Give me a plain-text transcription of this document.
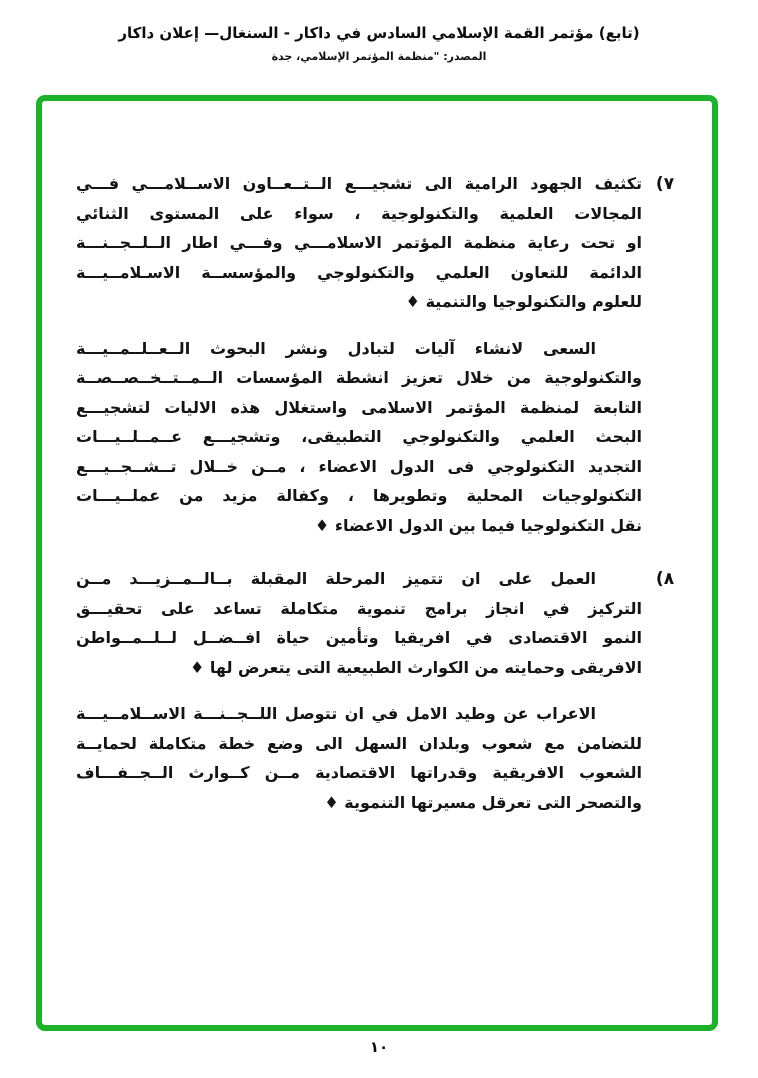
(تابع) مؤتمر القمة الإسلامي السادس في داكار - السنغال— إعلان داكار
المصدر: "منظمة المؤتمر الإسلامي، جدة
(٧
تكثيف الجهود الرامية الى تشجيـــع الــتــعــاون الاســلامـــي فـــي
المجالات العلمية والتكنولوجية ، سواء على المستوى الثنائي
او تحت رعاية منظمة المؤتمر الاسلامـــي وفـــي اطار الــلــجــنـــة
الدائمة للتعاون العلمي والتكنولوجي والمؤسســة الاسـلامــيـــة
للعلوم والتكنولوجيا والتنمية ♦
السعى لانشاء آليات لتبادل ونشر البحوث الــعــلــمــيـــة
والتكنولوجية من خلال تعزيز انشطة المؤسسات الــمــتــخــصــصــة
التابعة لمنظمة المؤتمر الاسلامى واستغلال هذه الاليات لتشجيـــع
البحث العلمي والتكنولوجي التطبيقى، وتشجيـــع عــمــلــيـــات
التجديد التكنولوجي فى الدول الاعضاء ، مــن خــلال تــشــجــيـــع
التكنولوجيات المحلية وتطويرها ، وكفالة مزيد من عملــيـــات
نقل التكنولوجيا فيما بين الدول الاعضاء ♦
(٨
العمل على ان تتميز المرحلة المقبلة بــالــمــزيـــد مــن
التركيز في انجاز برامج تنموية متكاملة تساعد على تحقيـــق
النمو الاقتصادى في افريقيا وتأمين حياة افــضــل لــلــمــواطن
الافريقى وحمايته من الكوارث الطبيعية التى يتعرض لها ♦
الاعراب عن وطيد الامل في ان تتوصل اللــجــنـــة الاســلامــيـــة
للتضامن مع شعوب وبلدان السهل الى وضع خطة متكاملة لحمايــة
الشعوب الافريقية وقدراتها الاقتصادية مــن كــوارث الــجــفـــاف
والتصحر التى تعرقل مسيرتها التنموية ♦
١٠
